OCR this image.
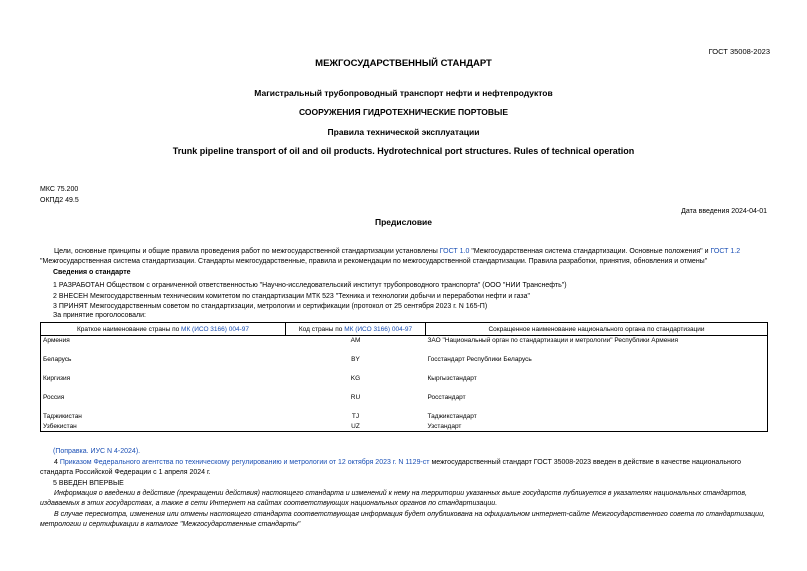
ГОСТ 35008-2023
МЕЖГОСУДАРСТВЕННЫЙ СТАНДАРТ
Магистральный трубопроводный транспорт нефти и нефтепродуктов
СООРУЖЕНИЯ ГИДРОТЕХНИЧЕСКИЕ ПОРТОВЫЕ
Правила технической эксплуатации
Trunk pipeline transport of oil and oil products. Hydrotechnical port structures. Rules of technical operation
МКС 75.200
ОКПД2 49.5
Дата введения 2024-04-01
Предисловие
Цели, основные принципы и общие правила проведения работ по межгосударственной стандартизации установлены ГОСТ 1.0 "Межгосударственная система стандартизации. Основные положения" и ГОСТ 1.2 "Межгосударственная система стандартизации. Стандарты межгосударственные, правила и рекомендации по межгосударственной стандартизации. Правила разработки, принятия, обновления и отмены"
Сведения о стандарте
1 РАЗРАБОТАН Обществом с ограниченной ответственностью "Научно-исследовательский институт трубопроводного транспорта" (ООО "НИИ Транснефть")
2 ВНЕСЕН Межгосударственным техническим комитетом по стандартизации МТК 523 "Техника и технологии добычи и переработки нефти и газа"
3 ПРИНЯТ Межгосударственным советом по стандартизации, метрологии и сертификации (протокол от 25 сентября 2023 г. N 165-П)
За принятие проголосовали:
Краткое наименование страны по МК (ИСО 3166) 004-97	Код страны по МК (ИСО 3166) 004-97	Сокращенное наименование национального органа по стандартизации
Армения	AM	ЗАО "Национальный орган по стандартизации и метрологии" Республики Армения
Беларусь	BY	Госстандарт Республики Беларусь
Киргизия	KG	Кыргызстандарт
Россия	RU	Росстандарт
Таджикистан	TJ	Таджикстандарт
Узбекистан	UZ	Узстандарт
(Поправка. ИУС N 4-2024).
4 Приказом Федерального агентства по техническому регулированию и метрологии от 12 октября 2023 г. N 1129-ст межгосударственный стандарт ГОСТ 35008-2023 введен в действие в качестве национального стандарта Российской Федерации с 1 апреля 2024 г.
5 ВВЕДЕН ВПЕРВЫЕ
Информация о введении в действие (прекращении действия) настоящего стандарта и изменений к нему на территории указанных выше государств публикуется в указателях национальных стандартов, издаваемых в этих государствах, а также в сети Интернет на сайтах соответствующих национальных органов по стандартизации.
В случае пересмотра, изменения или отмены настоящего стандарта соответствующая информация будет опубликована на официальном интернет-сайте Межгосударственного совета по стандартизации, метрологии и сертификации в каталоге "Межгосударственные стандарты"
